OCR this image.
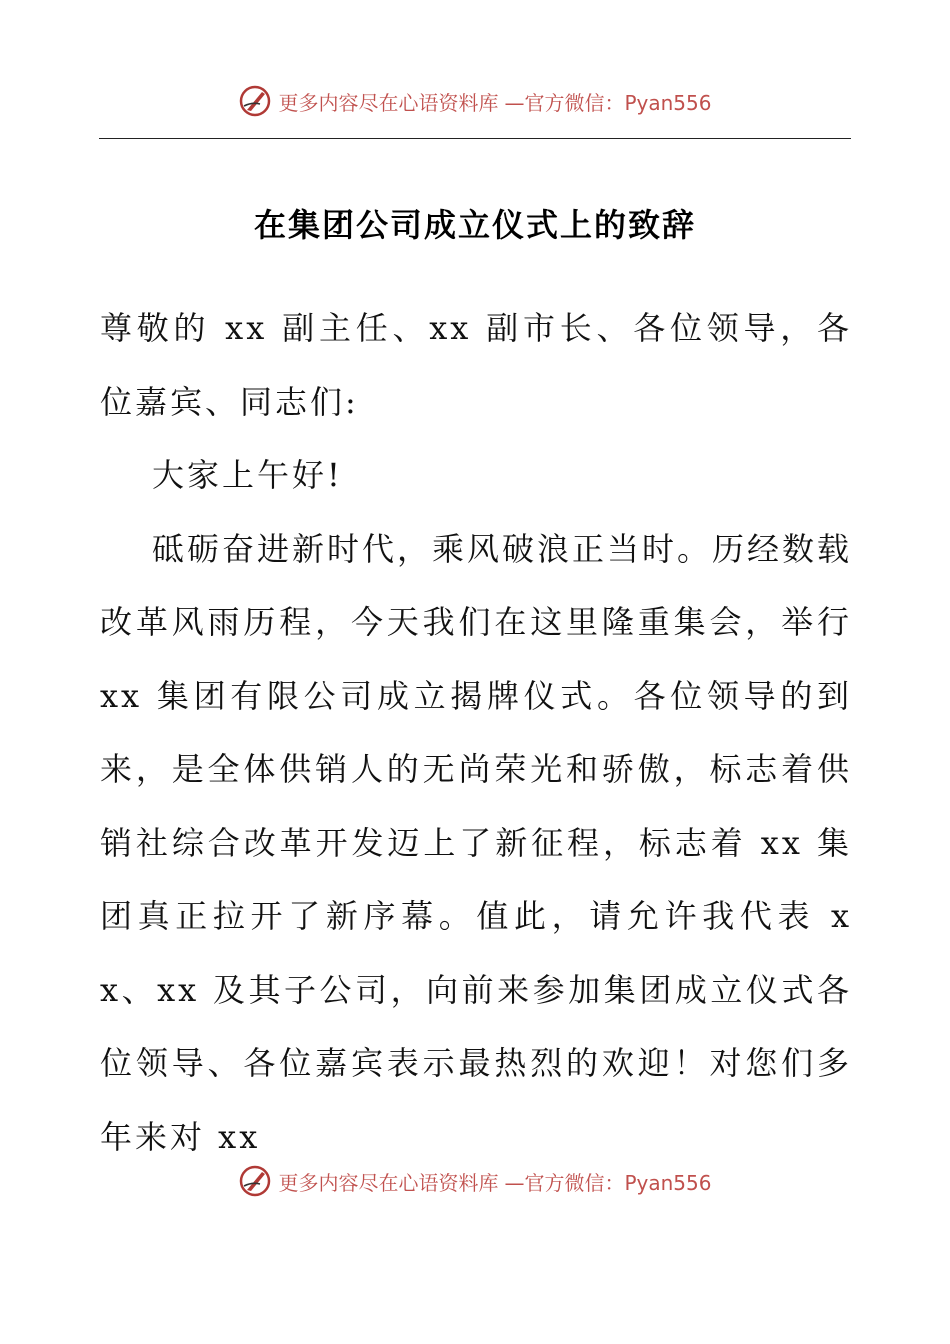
更多内容尽在心语资料库 —官方微信：Pyan556
在集团公司成立仪式上的致辞

尊敬的 xx 副主任、xx 副市长、各位领导，各位嘉宾、同志们:

大家上午好!

砥砺奋进新时代，乘风破浪正当时。历经数载改革风雨历程，今天我们在这里隆重集会，举行 xx 集团有限公司成立揭牌仪式。各位领导的到来，是全体供销人的无尚荣光和骄傲，标志着供销社综合改革开发迈上了新征程，标志着 xx 集团真正拉开了新序幕。值此，请允许我代表 xx、xx 及其子公司，向前来参加集团成立仪式各位领导、各位嘉宾表示最热烈的欢迎！对您们多年来对 xx

更多内容尽在心语资料库 —官方微信：Pyan556
